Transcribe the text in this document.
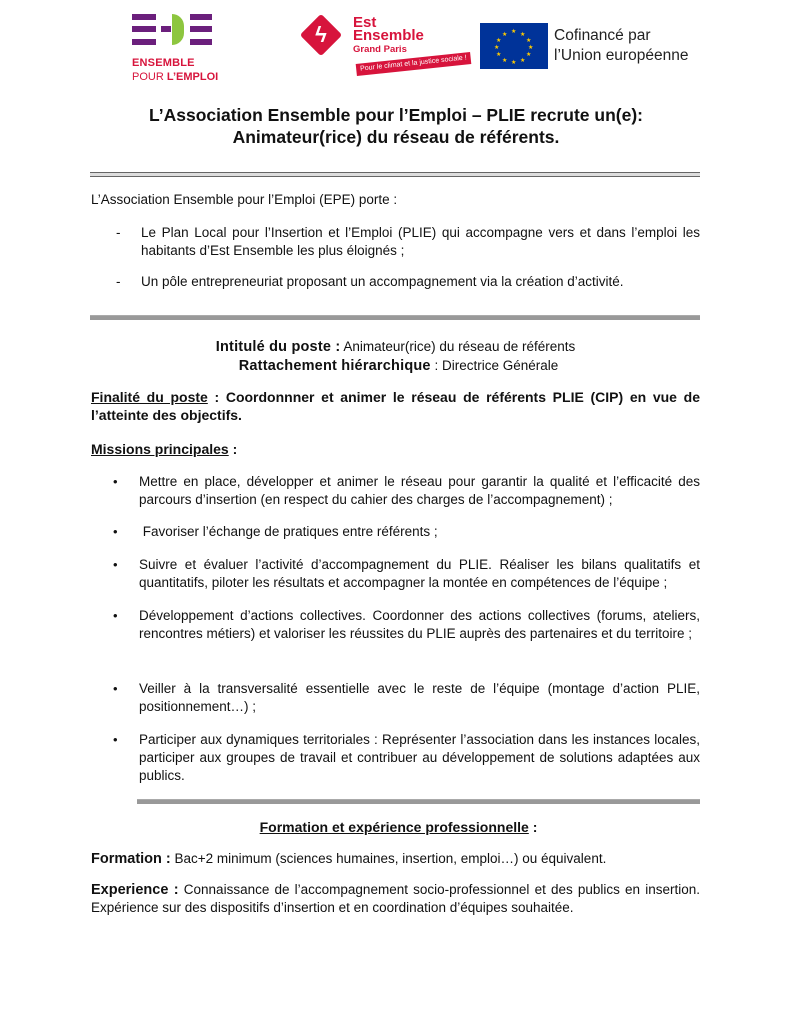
ENSEMBLE
POUR L’EMPLOI
ϟ Est
Ensemble
Grand Paris
Pour le climat et la justice sociale !
★ ★
★
★
★
★
★
★
★
★
★
★	Cofinancé par
l’Union européenne
L’Association Ensemble pour l’Emploi – PLIE recrute un(e):
Animateur(rice) du réseau de référents.
L’Association Ensemble pour l’Emploi (EPE) porte :
- Le Plan Local pour l’Insertion et l’Emploi (PLIE) qui accompagne vers et dans l’emploi les habitants d’Est Ensemble les plus éloignés ;
- Un pôle entrepreneuriat proposant un accompagnement via la création d’activité.
Intitulé du poste : Animateur(rice) du réseau de référents
Rattachement hiérarchique : Directrice Générale
Finalité du poste : Coordonnner et animer le réseau de référents PLIE (CIP) en vue de l’atteinte des objectifs.
Missions principales :
• Mettre en place, développer et animer le réseau pour garantir la qualité et l’efficacité des parcours d’insertion (en respect du cahier des charges de l’accompagnement) ;
• Favoriser l’échange de pratiques entre référents ;
• Suivre et évaluer l’activité d’accompagnement du PLIE. Réaliser les bilans qualitatifs et quantitatifs, piloter les résultats et accompagner la montée en compétences de l’équipe ;
• Développement d’actions collectives. Coordonner des actions collectives (forums, ateliers, rencontres métiers) et valoriser les réussites du PLIE auprès des partenaires et du territoire ;
• Veiller à la transversalité essentielle avec le reste de l’équipe (montage d’action PLIE, positionnement…) ;
• Participer aux dynamiques territoriales : Représenter l’association dans les instances locales, participer aux groupes de travail et contribuer au développement de solutions adaptées aux publics.
Formation et expérience professionnelle :
Formation : Bac+2 minimum (sciences humaines, insertion, emploi…) ou équivalent.
Experience : Connaissance de l’accompagnement socio-professionnel et des publics en insertion. Expérience sur des dispositifs d’insertion et en coordination d’équipes souhaitée.
